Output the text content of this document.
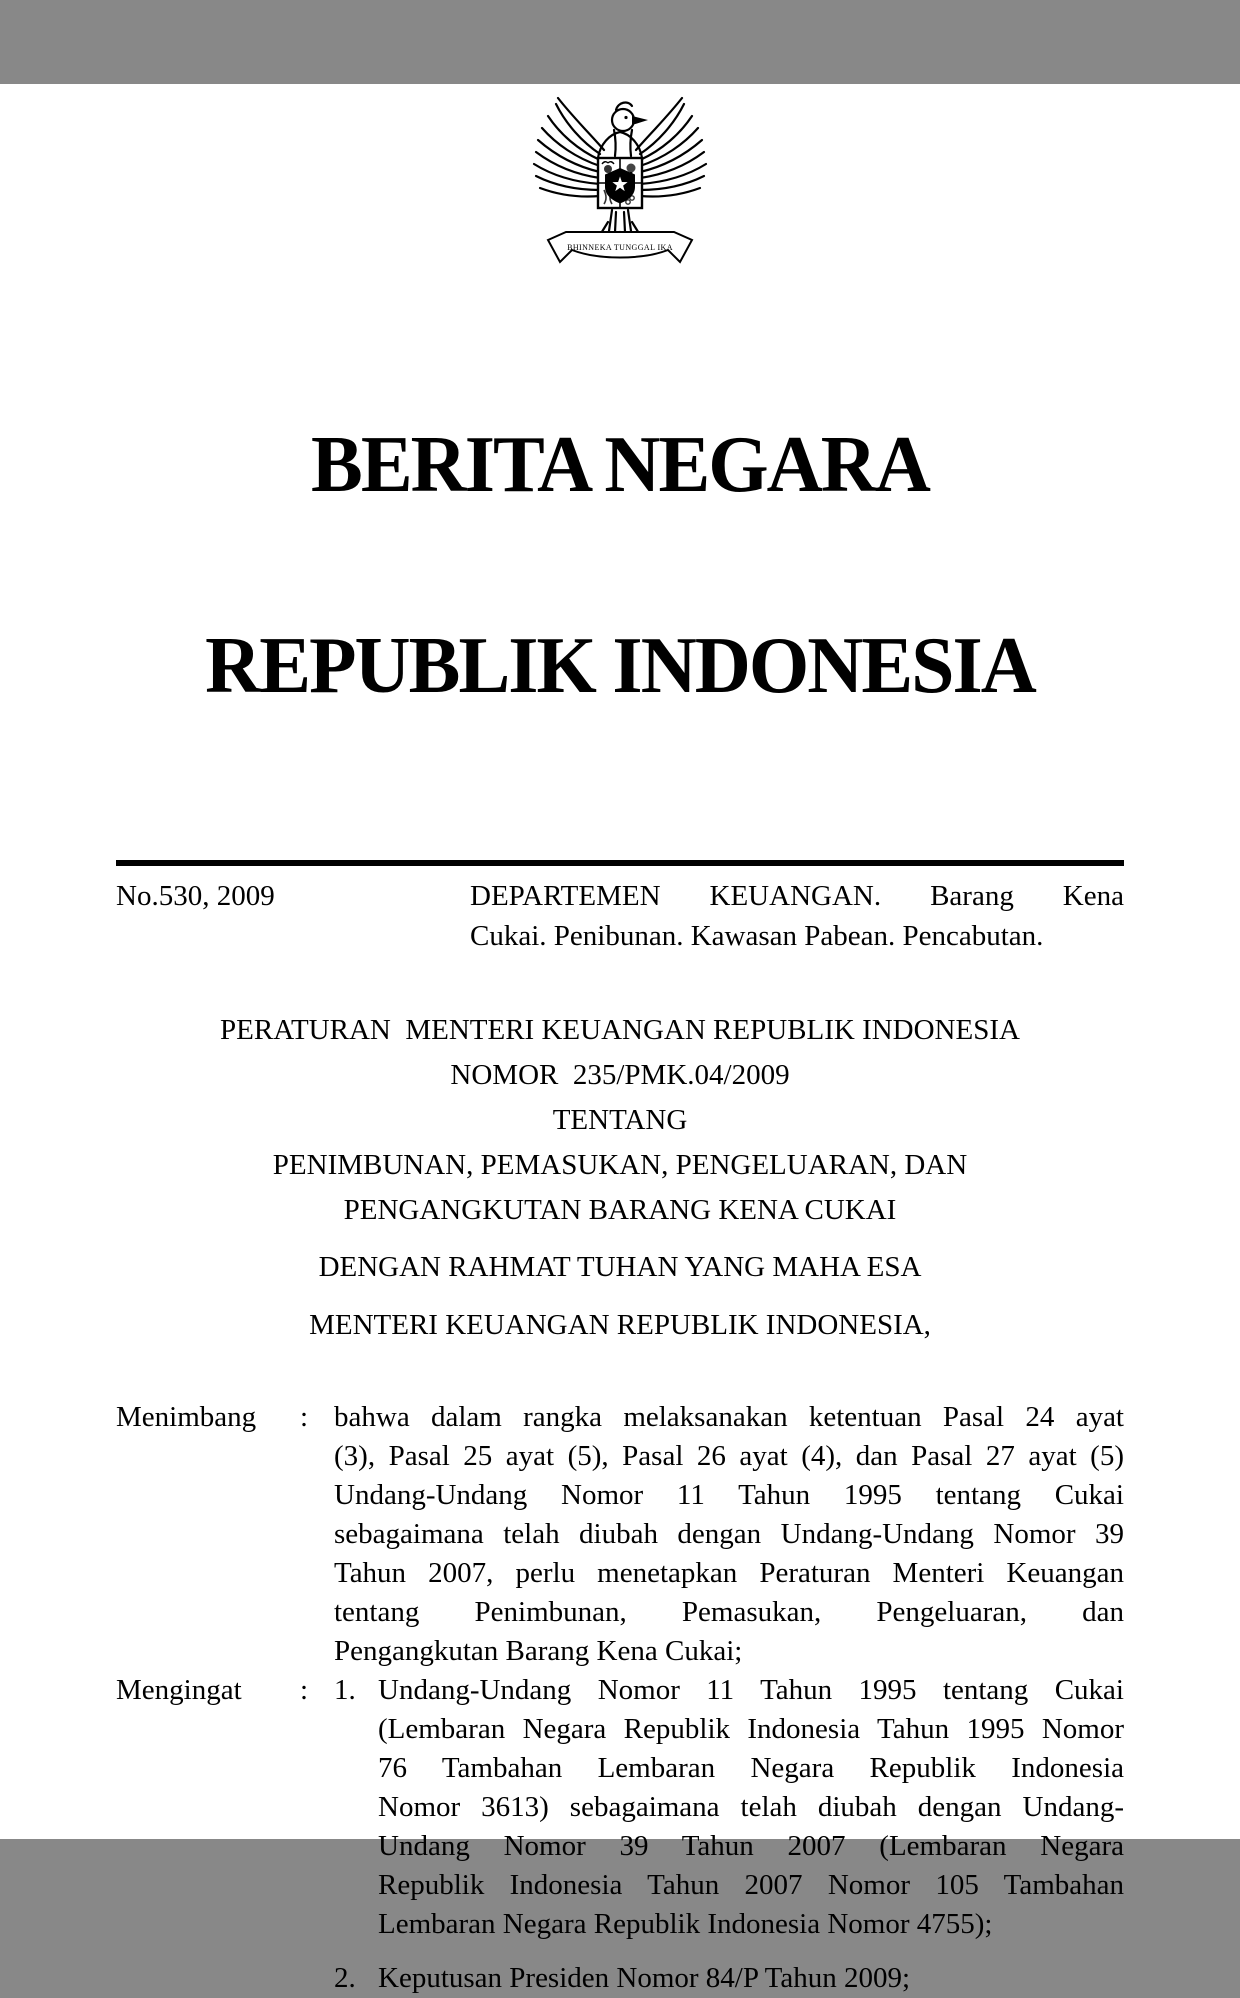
BHINNEKA TUNGGAL IKA

BERITA NEGARA

REPUBLIK INDONESIA

No.530, 2009	DEPARTEMEN KEUANGAN. Barang Kena
Cukai. Penibunan. Kawasan Pabean. Pencabutan.
PERATURAN  MENTERI KEUANGAN REPUBLIK INDONESIA
NOMOR  235/PMK.04/2009
TENTANG
PENIMBUNAN, PEMASUKAN, PENGELUARAN, DAN
PENGANGKUTAN BARANG KENA CUKAI
DENGAN RAHMAT TUHAN YANG MAHA ESA
MENTERI KEUANGAN REPUBLIK INDONESIA,
Menimbang	: bahwa dalam rangka melaksanakan ketentuan Pasal 24 ayat
(3), Pasal 25 ayat (5), Pasal 26 ayat (4), dan Pasal 27 ayat (5)
Undang-Undang Nomor 11 Tahun 1995 tentang Cukai
sebagaimana telah diubah dengan Undang-Undang Nomor 39
Tahun 2007, perlu menetapkan Peraturan Menteri Keuangan
tentang Penimbunan, Pemasukan, Pengeluaran, dan
Pengangkutan Barang Kena Cukai;
Mengingat	: 1. Undang-Undang Nomor 11 Tahun 1995 tentang Cukai
(Lembaran Negara Republik Indonesia Tahun 1995 Nomor
76 Tambahan Lembaran Negara Republik Indonesia
Nomor 3613) sebagaimana telah diubah dengan Undang-
Undang Nomor 39 Tahun 2007 (Lembaran Negara
Republik Indonesia Tahun 2007 Nomor 105 Tambahan
Lembaran Negara Republik Indonesia Nomor 4755);
2. Keputusan Presiden Nomor 84/P Tahun 2009;
